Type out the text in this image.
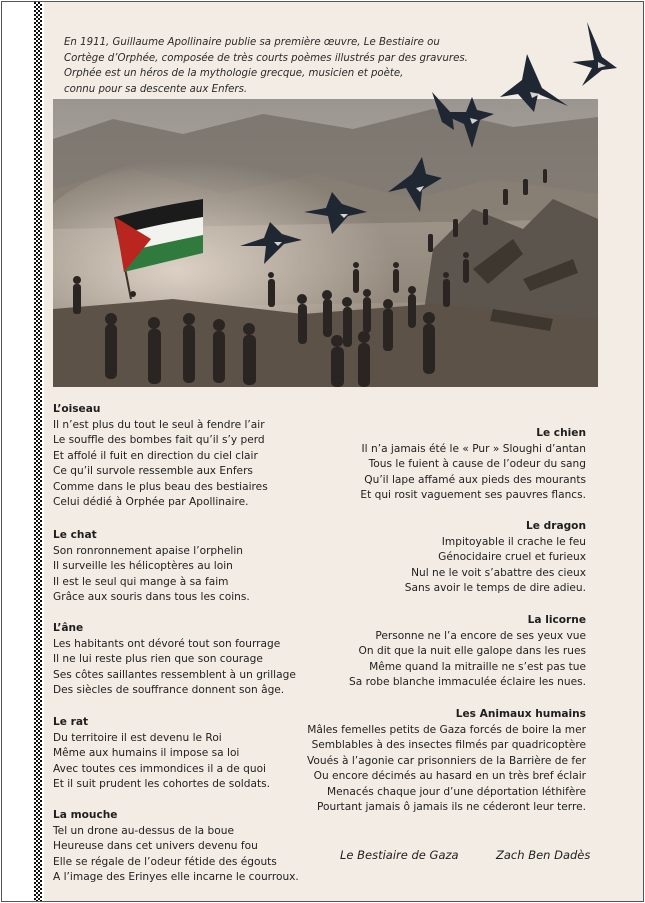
En 1911, Guillaume Apollinaire publie sa première œuvre, Le Bestiaire ou

Cortège d’Orphée, composée de très courts poèmes illustrés par des gravures.

Orphée est un héros de la mythologie grecque, musicien et poète,

connu pour sa descente aux Enfers.

L’oiseau

Il n’est plus du tout le seul à fendre l’air

Le souffle des bombes fait qu’il s’y perd

Et affolé il fuit en direction du ciel clair

Ce qu’il survole ressemble aux Enfers

Comme dans le plus beau des bestiaires

Celui dédié à Orphée par Apollinaire.

Le chat

Son ronronnement apaise l’orphelin

Il surveille les hélicoptères au loin

Il est le seul qui mange à sa faim

Grâce aux souris dans tous les coins.

L’âne

Les habitants ont dévoré tout son fourrage

Il ne lui reste plus rien que son courage

Ses côtes saillantes ressemblent à un grillage

Des siècles de souffrance donnent son âge.

Le rat

Du territoire il est devenu le Roi

Même aux humains il impose sa loi

Avec toutes ces immondices il a de quoi

Et il suit prudent les cohortes de soldats.

La mouche

Tel un drone au-dessus de la boue

Heureuse dans cet univers devenu fou

Elle se régale de l’odeur fétide des égouts

A l’image des Erinyes elle incarne le courroux.

Le chien

Il n’a jamais été le « Pur » Sloughi d’antan

Tous le fuient à cause de l’odeur du sang

Qu’il lape affamé aux pieds des mourants

Et qui rosit vaguement ses pauvres flancs.

Le dragon

Impitoyable il crache le feu

Génocidaire cruel et furieux

Nul ne le voit s’abattre des cieux

Sans avoir le temps de dire adieu.

La licorne

Personne ne l’a encore de ses yeux vue

On dit que la nuit elle galope dans les rues

Même quand la mitraille ne s’est pas tue

Sa robe blanche immaculée éclaire les nues.

Les Animaux humains

Mâles femelles petits de Gaza forcés de boire la mer

Semblables à des insectes filmés par quadricoptère

Voués à l’agonie car prisonniers de la Barrière de fer

Ou encore décimés au hasard en un très bref éclair

Menacés chaque jour d’une déportation léthifère

Pourtant jamais ô jamais ils ne céderont leur terre.

Le Bestiaire de Gaza	Zach Ben Dadès
